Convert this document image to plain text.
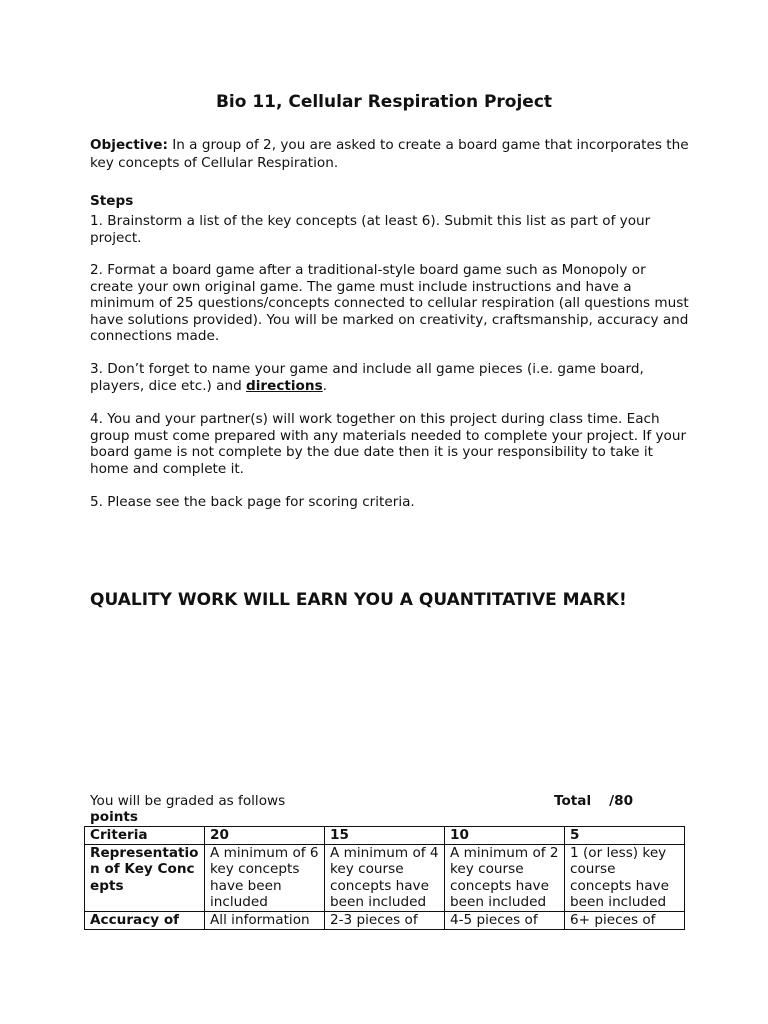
Bio 11, Cellular Respiration Project
Objective: In a group of 2, you are asked to create a board game that incorporates the key concepts of Cellular Respiration.
Steps
1. Brainstorm a list of the key concepts (at least 6). Submit this list as part of your project.
2. Format a board game after a traditional-style board game such as Monopoly or create your own original game. The game must include instructions and have a minimum of 25 questions/concepts connected to cellular respiration (all questions must have solutions provided). You will be marked on creativity, craftsmanship, accuracy and connections made.
3. Don’t forget to name your game and include all game pieces (i.e. game board, players, dice etc.) and directions.
4. You and your partner(s) will work together on this project during class time. Each group must come prepared with any materials needed to complete your project. If your board game is not complete by the due date then it is your responsibility to take it home and complete it.
5. Please see the back page for scoring criteria.
QUALITY WORK WILL EARN YOU A QUANTITATIVE MARK!
You will be graded as follows	Total /80
points
Criteria	20	15	10	5
Representation of Key Concepts	A minimum of 6 key concepts have been included	A minimum of 4 key course concepts have been included	A minimum of 2 key course concepts have been included	1 (or less) key course concepts have been included
Accuracy of	All information	2-3 pieces of	4-5 pieces of	6+ pieces of
